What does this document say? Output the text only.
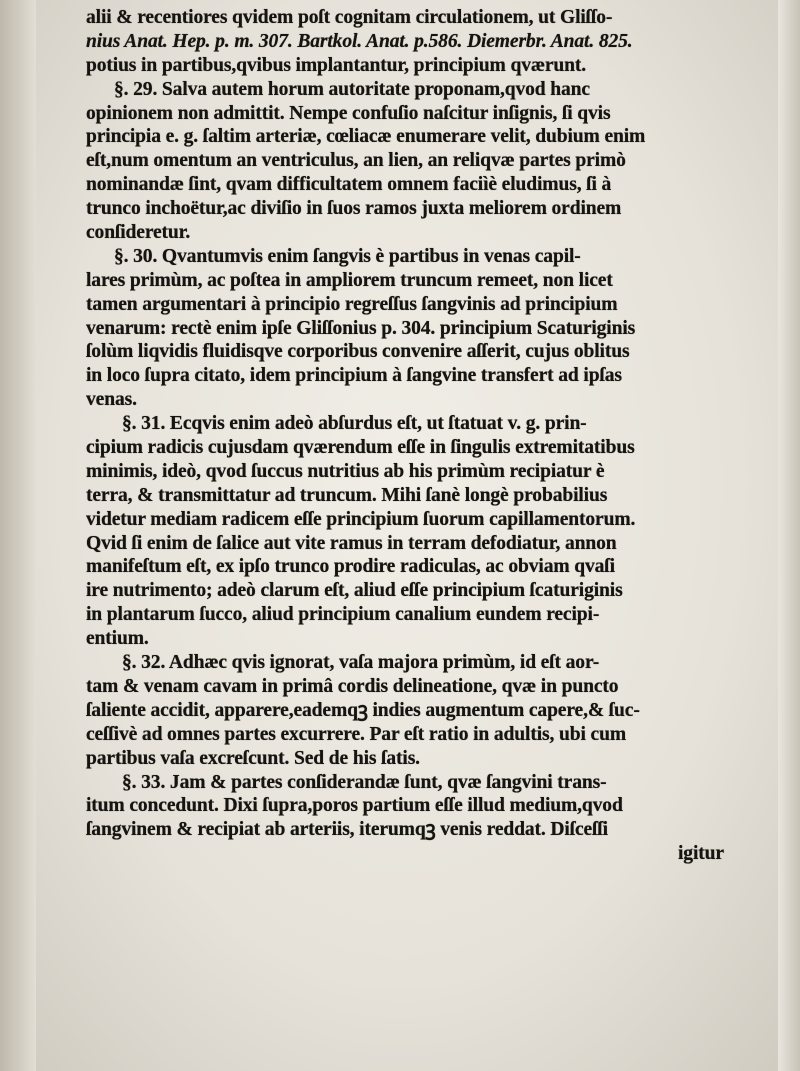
alii & recentiores qvidem poſt cognitam circulationem, ut Gliſſo-
nius Anat. Hep. p. m. 307. Bartkol. Anat. p.586. Diemerbr. Anat. 825.
potius in partibus,qvibus implantantur, principium qværunt.
§. 29. Salva autem horum autoritate proponam,qvod hanc
opinionem non admittit. Nempe confuſio naſcitur inſignis, ſi qvis
principia e. g. ſaltim arteriæ, cœliacæ enumerare velit, dubium enim
eſt,num omentum an ventriculus, an lien, an reliqvæ partes primò
nominandæ ſint, qvam difficultatem omnem faciìè eludimus, ſi à
trunco inchoëtur,ac diviſio in ſuos ramos juxta meliorem ordinem
conſideretur.
§. 30. Qvantumvis enim ſangvis è partibus in venas capil-
lares primùm, ac poſtea in ampliorem truncum remeet, non licet
tamen argumentari à principio regreſſus ſangvinis ad principium
venarum: rectè enim ipſe Gliſſonius p. 304. principium Scaturiginis
ſolùm liqvidis fluidisqve corporibus convenire aſſerit, cujus oblitus
in loco ſupra citato, idem principium à ſangvine transfert ad ipſas
venas.
§. 31. Ecqvis enim adeò abſurdus eſt, ut ſtatuat v. g. prin-
cipium radicis cujusdam qværendum eſſe in ſingulis extremitatibus
minimis, ideò, qvod ſuccus nutritius ab his primùm recipiatur è
terra, & transmittatur ad truncum. Mihi ſanè longè probabilius
videtur mediam radicem eſſe principium ſuorum capillamentorum.
Qvid ſi enim de ſalice aut vite ramus in terram defodiatur, annon
manifeſtum eſt, ex ipſo trunco prodire radiculas, ac obviam qvaſi
ire nutrimento; adeò clarum eſt, aliud eſſe principium ſcaturiginis
in plantarum ſucco, aliud principium canalium eundem recipi-
entium.
§. 32. Adhæc qvis ignorat, vaſa majora primùm, id eſt aor-
tam & venam cavam in primâ cordis delineatione, qvæ in puncto
ſaliente accidit, apparere,eademqꝫ indies augmentum capere,& ſuc-
ceſſivè ad omnes partes excurrere. Par eſt ratio in adultis, ubi cum
partibus vaſa excreſcunt. Sed de his ſatis.
§. 33. Jam & partes conſiderandæ ſunt, qvæ ſangvini trans-
itum concedunt. Dixi ſupra,poros partium eſſe illud medium,qvod
ſangvinem & recipiat ab arteriis, iterumqꝫ venis reddat. Diſceſſi
igitur
